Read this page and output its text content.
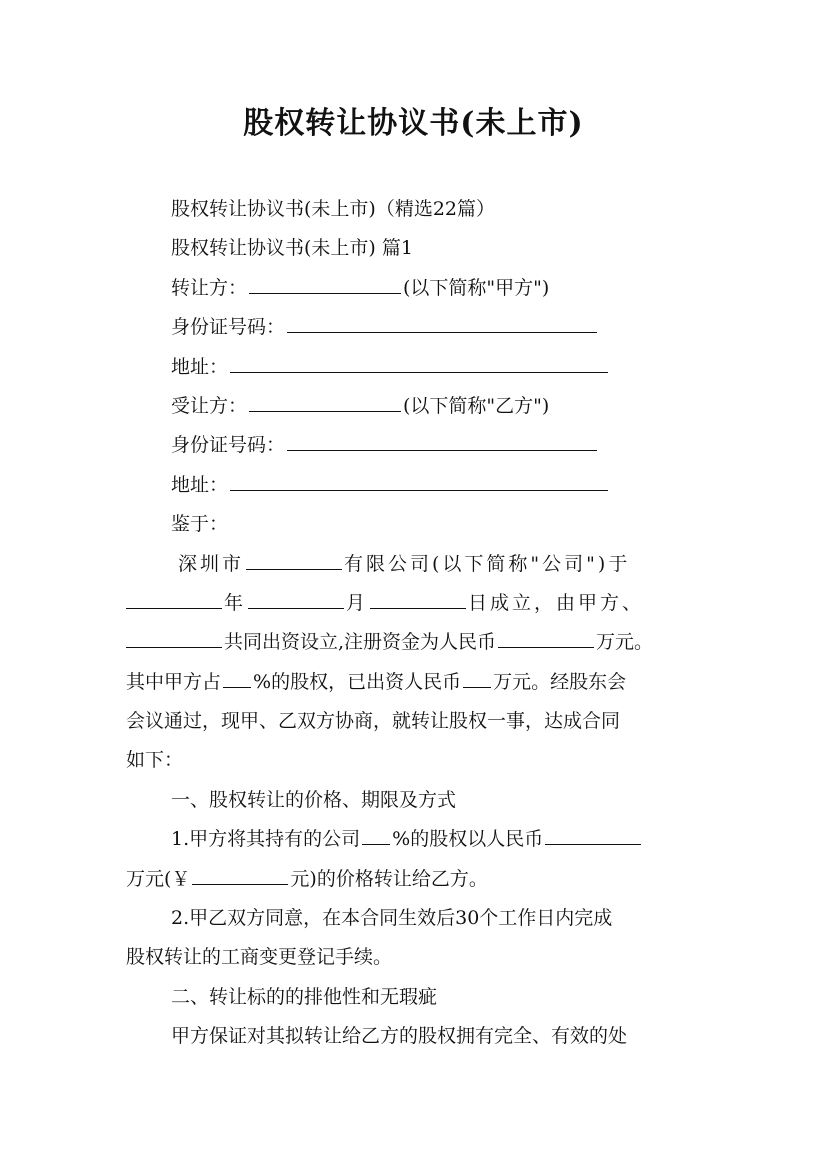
股权转让协议书(未上市)
股权转让协议书(未上市)（精选22篇）
股权转让协议书(未上市) 篇1
转让方：	(以下简称"甲方")
身份证号码：
地址：
受让方：	(以下简称"乙方")
身份证号码：
地址：
鉴于：
深圳市	有限公司(以下简称"公司")于
年	月	日成立，由甲方、
共同出资设立,注册资金为人民币	万元。
其中甲方占 %的股权，已出资人民币 万元。经股东会
会议通过，现甲、乙双方协商，就转让股权一事，达成合同
如下：
一、股权转让的价格、期限及方式
1.甲方将其持有的公司 %的股权以人民币
万元(￥	元)的价格转让给乙方。
2.甲乙双方同意，在本合同生效后30个工作日内完成
股权转让的工商变更登记手续。
二、转让标的的排他性和无瑕疵
甲方保证对其拟转让给乙方的股权拥有完全、有效的处
